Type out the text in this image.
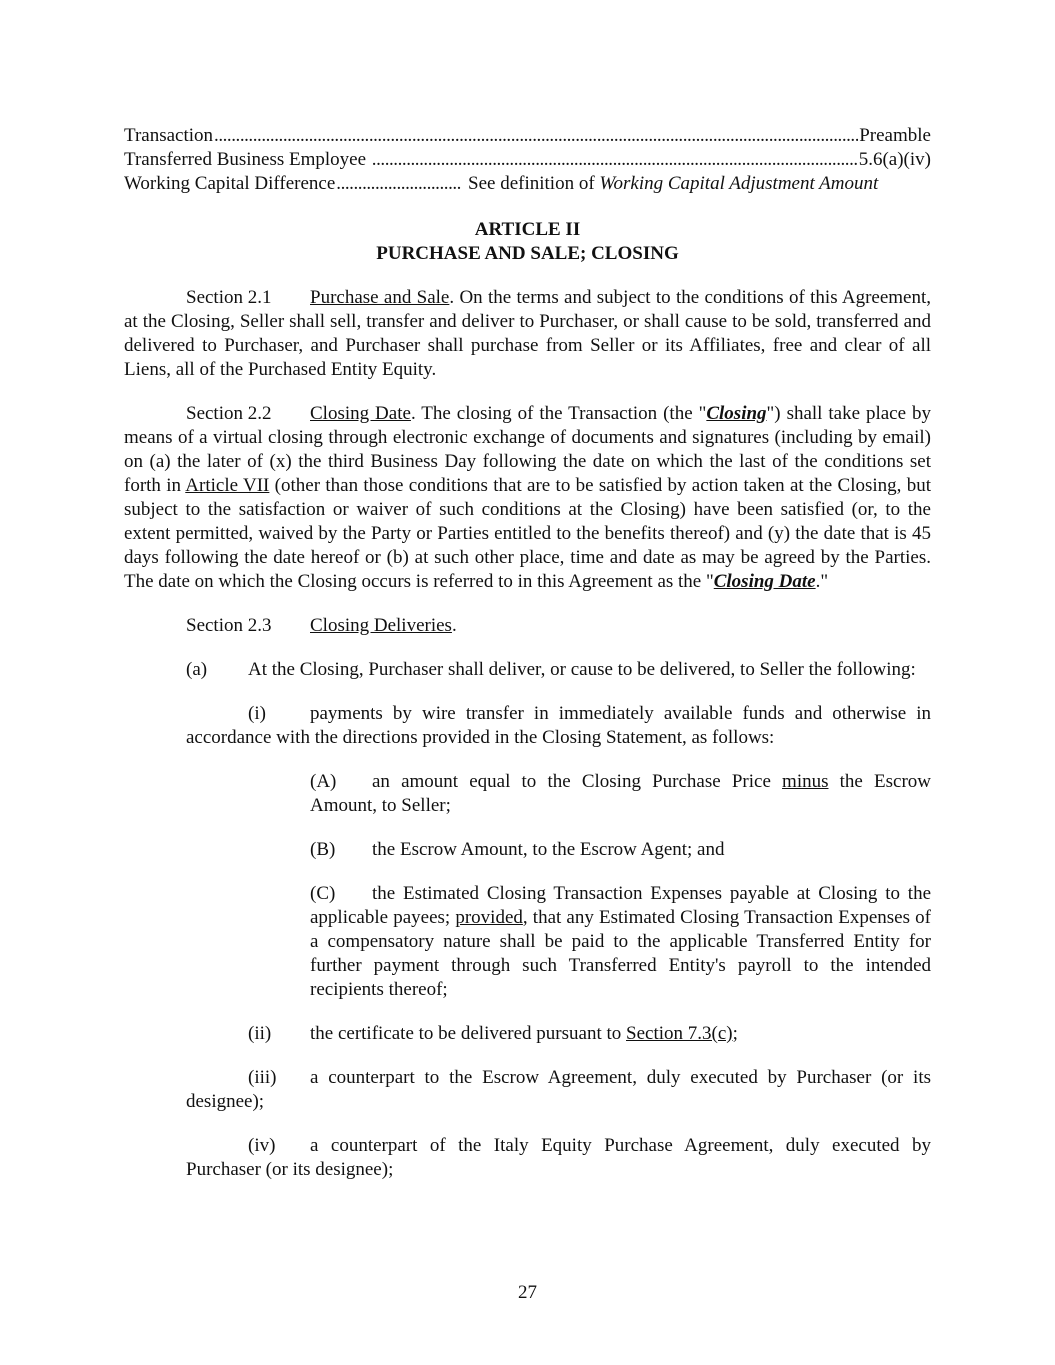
Transaction . . .	Preamble
Transferred Business Employee . . .	5.6(a)(iv)
Working Capital Difference . . .	See definition of Working Capital Adjustment Amount
ARTICLE II
PURCHASE AND SALE; CLOSING

Section 2.1 Purchase and Sale. On the terms and subject to the conditions of this Agreement, at the Closing, Seller shall sell, transfer and deliver to Purchaser, or shall cause to be sold, transferred and delivered to Purchaser, and Purchaser shall purchase from Seller or its Affiliates, free and clear of all Liens, all of the Purchased Entity Equity.

Section 2.2 Closing Date. The closing of the Transaction (the "Closing") shall take place by means of a virtual closing through electronic exchange of documents and signatures (including by email) on (a) the later of (x) the third Business Day following the date on which the last of the conditions set forth in Article VII (other than those conditions that are to be satisfied by action taken at the Closing, but subject to the satisfaction or waiver of such conditions at the Closing) have been satisfied (or, to the extent permitted, waived by the Party or Parties entitled to the benefits thereof) and (y) the date that is 45 days following the date hereof or (b) at such other place, time and date as may be agreed by the Parties. The date on which the Closing occurs is referred to in this Agreement as the "Closing Date."

Section 2.3 Closing Deliveries.

(a) At the Closing, Purchaser shall deliver, or cause to be delivered, to Seller the following:

(i) payments by wire transfer in immediately available funds and otherwise in accordance with the directions provided in the Closing Statement, as follows:

(A) an amount equal to the Closing Purchase Price minus the Escrow Amount, to Seller;

(B) the Escrow Amount, to the Escrow Agent; and

(C) the Estimated Closing Transaction Expenses payable at Closing to the applicable payees; provided, that any Estimated Closing Transaction Expenses of a compensatory nature shall be paid to the applicable Transferred Entity for further payment through such Transferred Entity's payroll to the intended recipients thereof;

(ii) the certificate to be delivered pursuant to Section 7.3(c);

(iii) a counterpart to the Escrow Agreement, duly executed by Purchaser (or its designee);

(iv) a counterpart of the Italy Equity Purchase Agreement, duly executed by Purchaser (or its designee);

27
